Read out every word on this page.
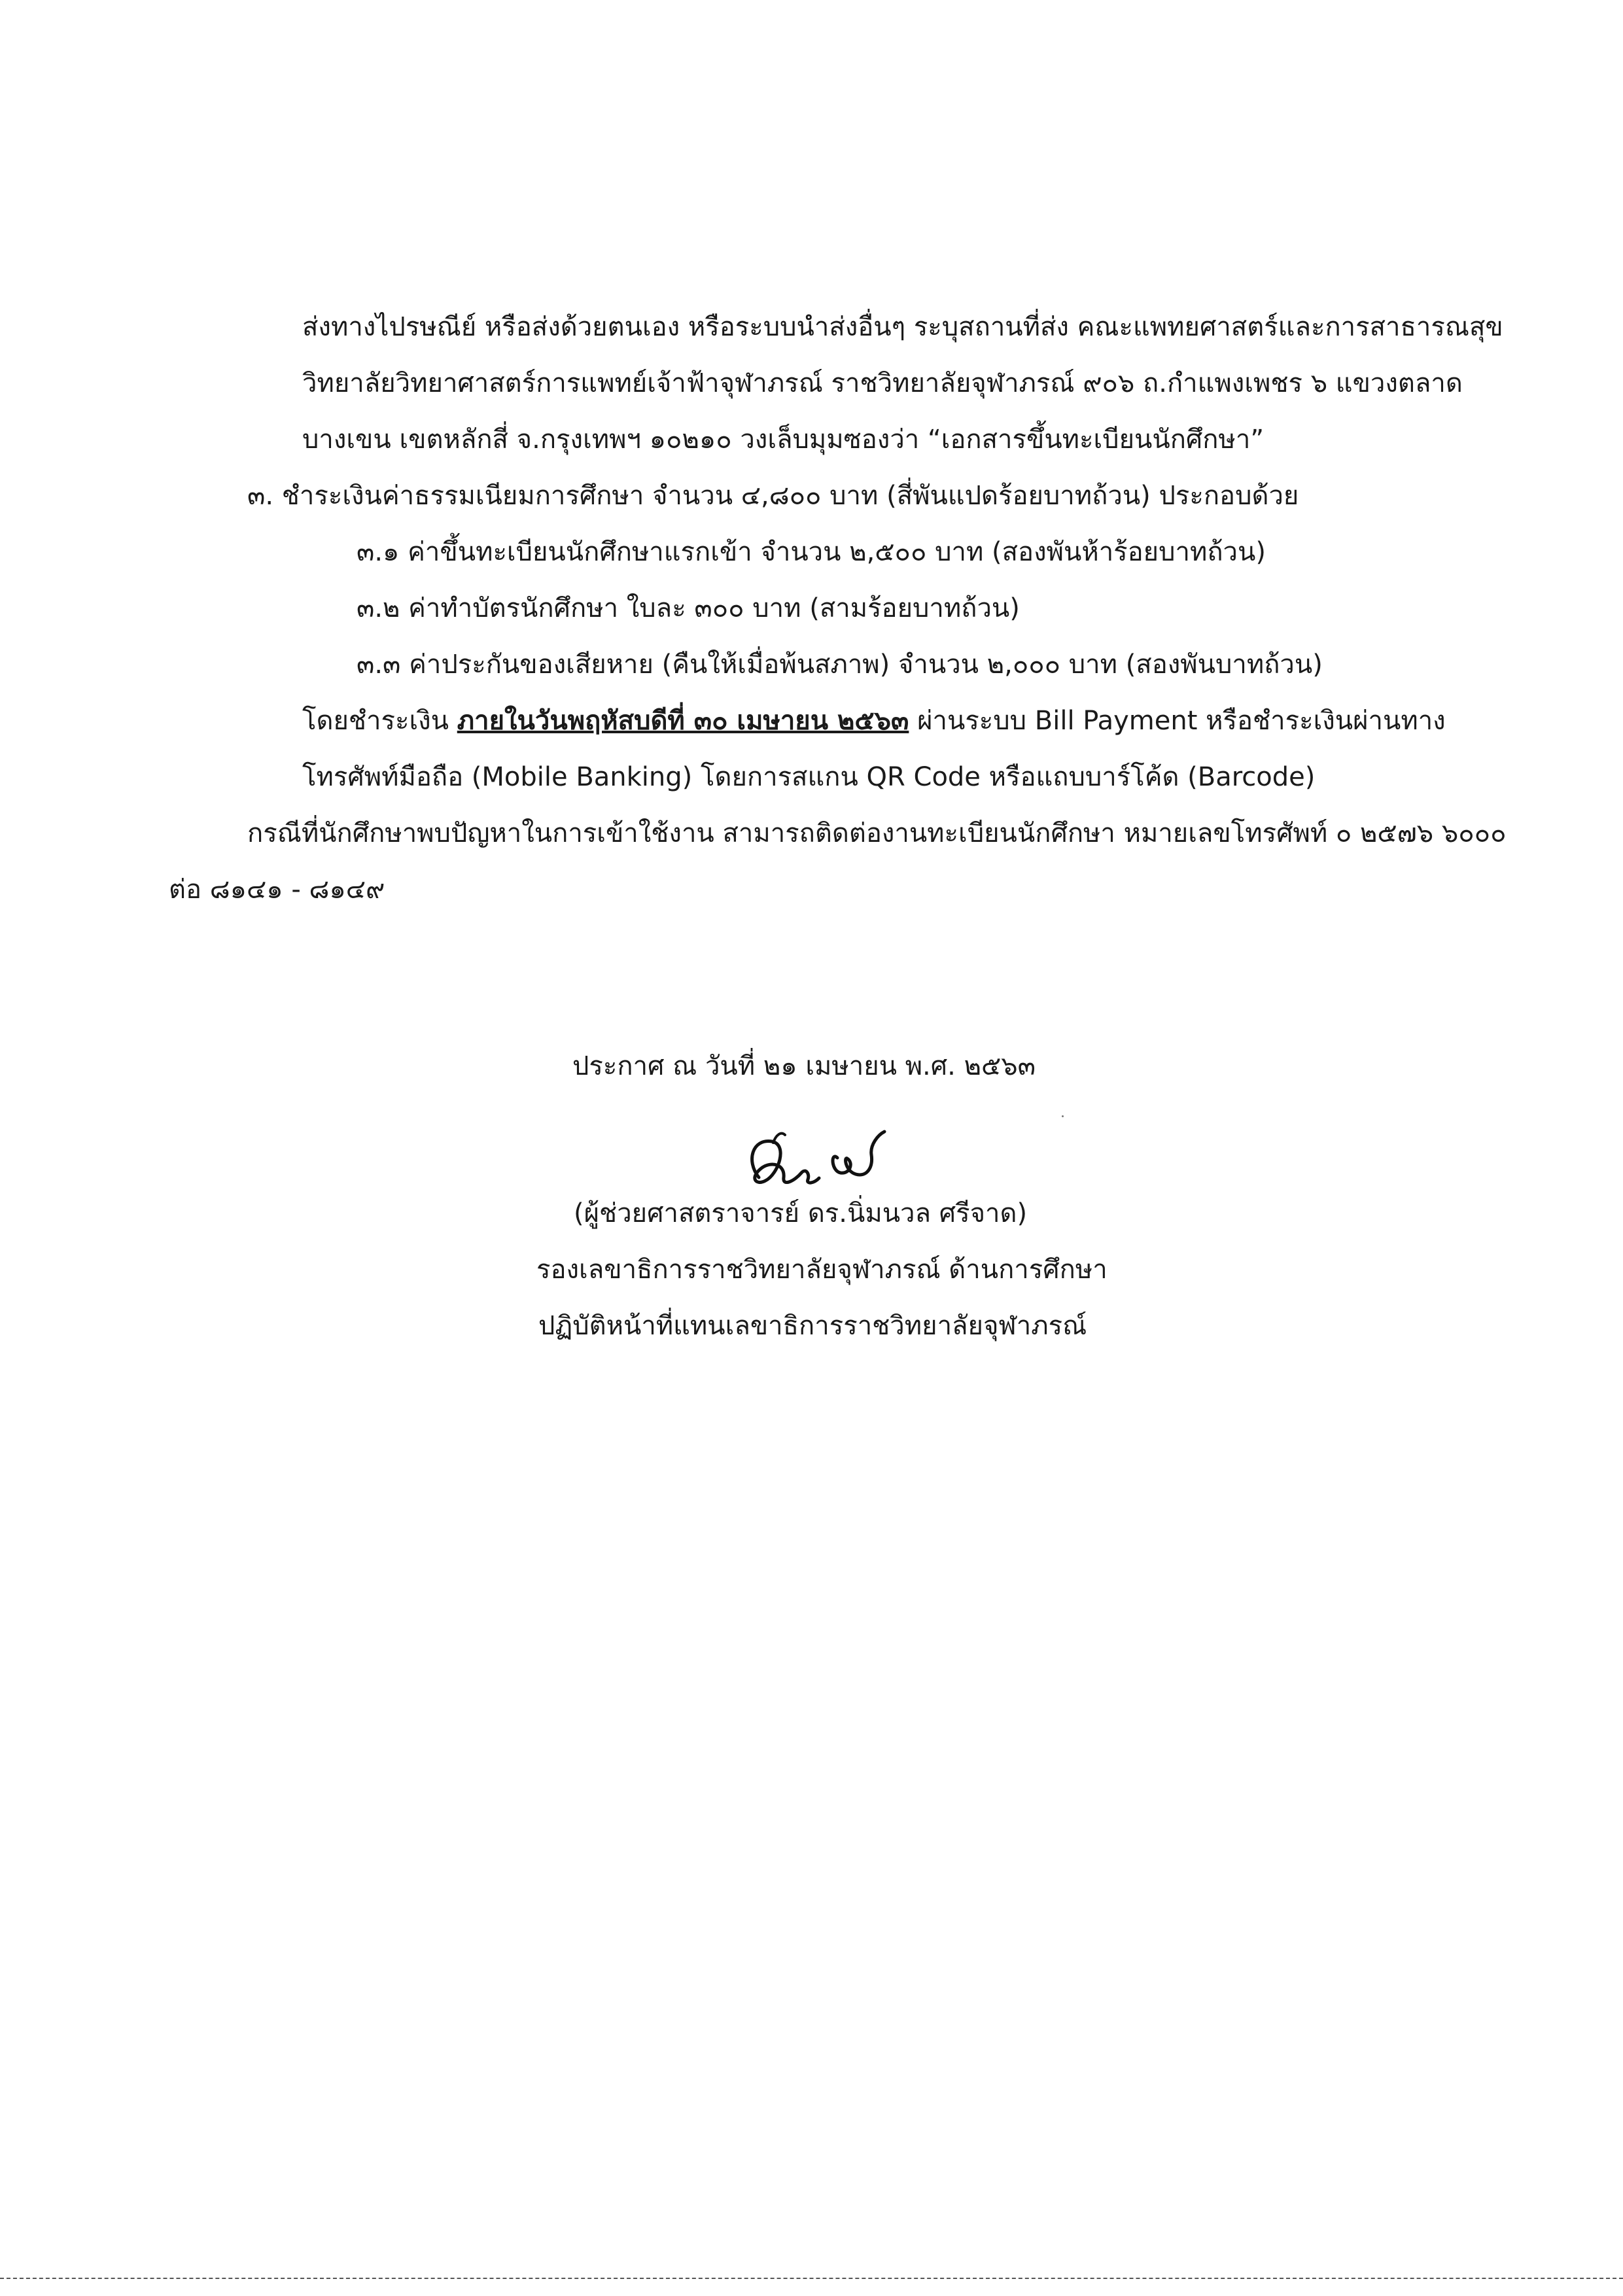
ส่งทางไปรษณีย์ หรือส่งด้วยตนเอง หรือระบบนำส่งอื่นๆ ระบุสถานที่ส่ง คณะแพทยศาสตร์และการสาธารณสุข
วิทยาลัยวิทยาศาสตร์การแพทย์เจ้าฟ้าจุฬาภรณ์ ราชวิทยาลัยจุฬาภรณ์ ๙๐๖ ถ.กำแพงเพชร ๖ แขวงตลาด
บางเขน เขตหลักสี่ จ.กรุงเทพฯ ๑๐๒๑๐ วงเล็บมุมซองว่า “เอกสารขึ้นทะเบียนนักศึกษา”
๓. ชำระเงินค่าธรรมเนียมการศึกษา จำนวน ๔,๘๐๐ บาท (สี่พันแปดร้อยบาทถ้วน) ประกอบด้วย
๓.๑ ค่าขึ้นทะเบียนนักศึกษาแรกเข้า จำนวน ๒,๕๐๐ บาท (สองพันห้าร้อยบาทถ้วน)
๓.๒ ค่าทำบัตรนักศึกษา ใบละ ๓๐๐ บาท (สามร้อยบาทถ้วน)
๓.๓ ค่าประกันของเสียหาย (คืนให้เมื่อพ้นสภาพ) จำนวน ๒,๐๐๐ บาท (สองพันบาทถ้วน)
โดยชำระเงิน ภายในวันพฤหัสบดีที่ ๓๐ เมษายน ๒๕๖๓ ผ่านระบบ Bill Payment หรือชำระเงินผ่านทาง
โทรศัพท์มือถือ (Mobile Banking) โดยการสแกน QR Code หรือแถบบาร์โค้ด (Barcode)
กรณีที่นักศึกษาพบปัญหาในการเข้าใช้งาน สามารถติดต่องานทะเบียนนักศึกษา หมายเลขโทรศัพท์ ๐ ๒๕๗๖ ๖๐๐๐
ต่อ ๘๑๔๑ - ๘๑๔๙
ประกาศ ณ วันที่ ๒๑ เมษายน พ.ศ. ๒๕๖๓
(ผู้ช่วยศาสตราจารย์ ดร.นิ่มนวล ศรีจาด)
รองเลขาธิการราชวิทยาลัยจุฬาภรณ์ ด้านการศึกษา
ปฏิบัติหน้าที่แทนเลขาธิการราชวิทยาลัยจุฬาภรณ์
